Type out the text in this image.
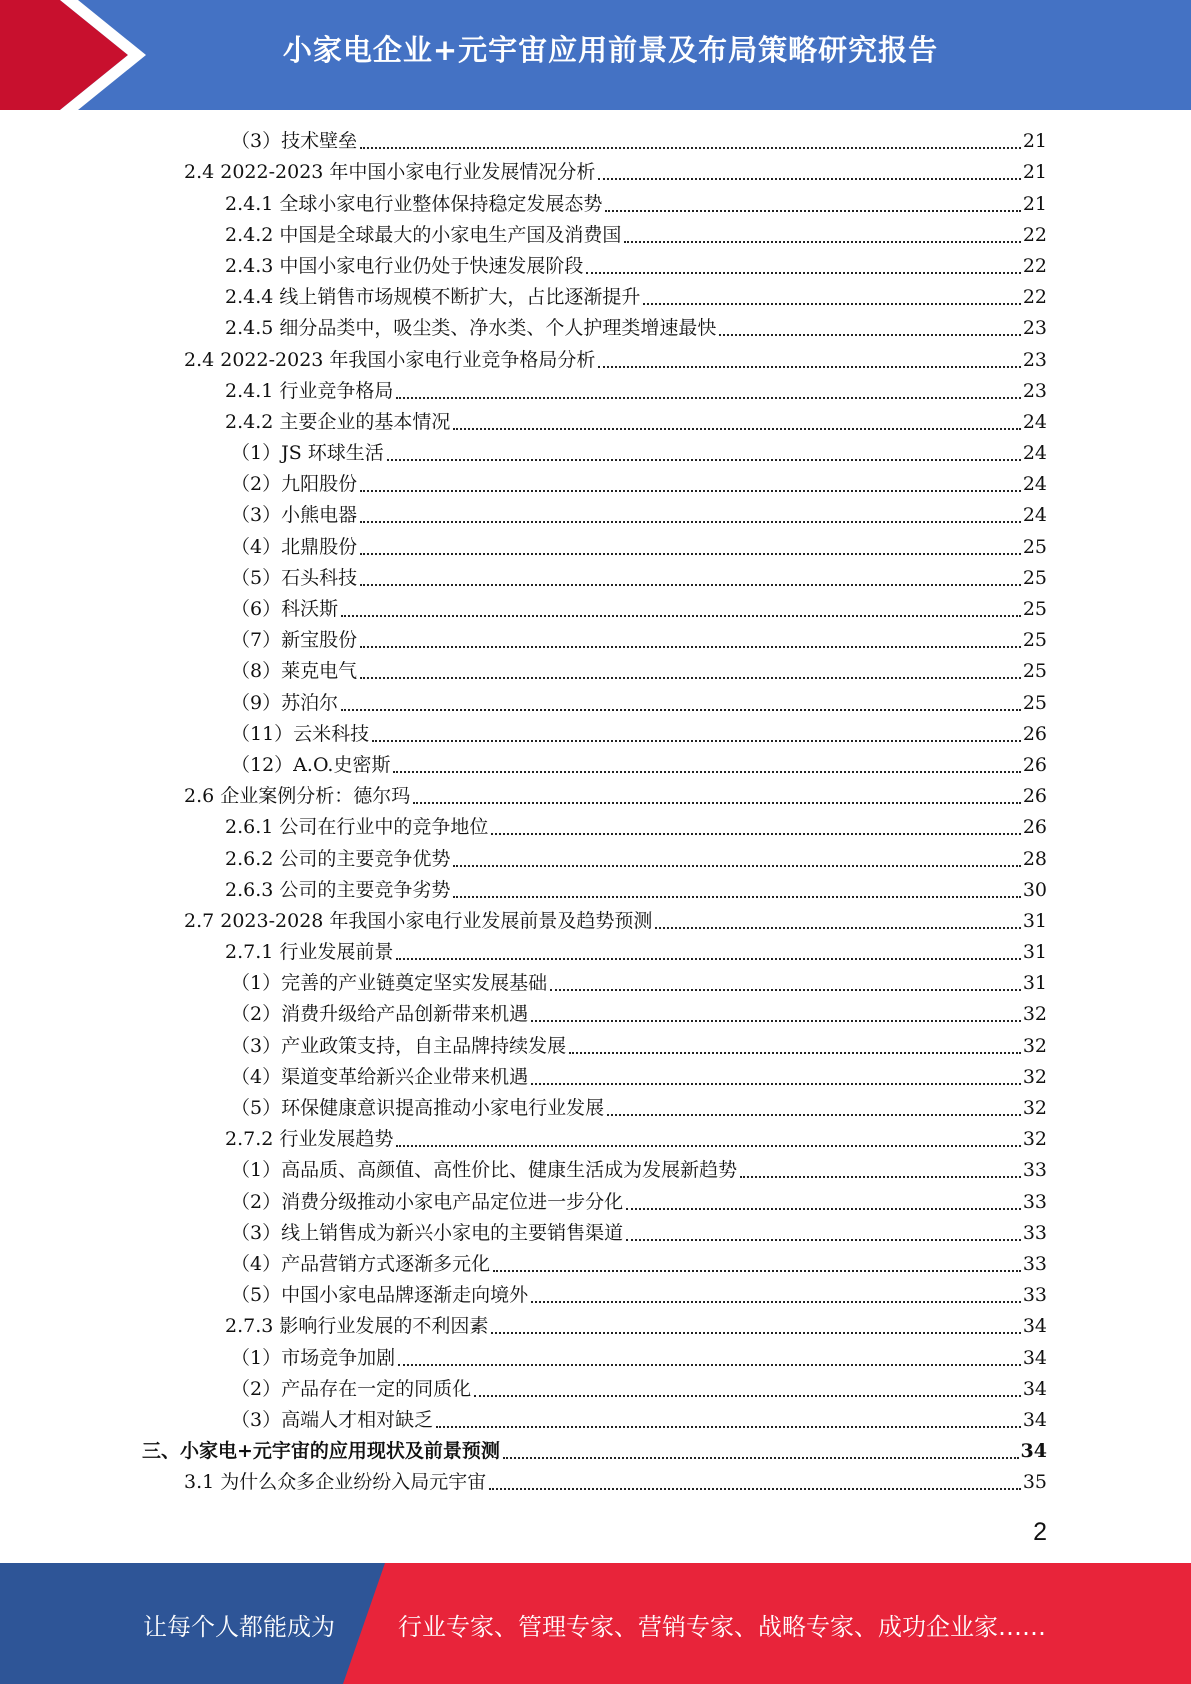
小家电企业+元宇宙应用前景及布局策略研究报告
（3）技术壁垒	21
2.4 2022-2023 年中国小家电行业发展情况分析	21
2.4.1 全球小家电行业整体保持稳定发展态势	21
2.4.2 中国是全球最大的小家电生产国及消费国	22
2.4.3 中国小家电行业仍处于快速发展阶段	22
2.4.4 线上销售市场规模不断扩大，占比逐渐提升	22
2.4.5 细分品类中，吸尘类、净水类、个人护理类增速最快	23
2.4 2022-2023 年我国小家电行业竞争格局分析	23
2.4.1 行业竞争格局	23
2.4.2 主要企业的基本情况	24
（1）JS 环球生活	24
（2）九阳股份	24
（3）小熊电器	24
（4）北鼎股份	25
（5）石头科技	25
（6）科沃斯	25
（7）新宝股份	25
（8）莱克电气	25
（9）苏泊尔	25
（11）云米科技	26
（12）A.O.史密斯	26
2.6 企业案例分析：德尔玛	26
2.6.1 公司在行业中的竞争地位	26
2.6.2 公司的主要竞争优势	28
2.6.3 公司的主要竞争劣势	30
2.7 2023-2028 年我国小家电行业发展前景及趋势预测	31
2.7.1 行业发展前景	31
（1）完善的产业链奠定坚实发展基础	31
（2）消费升级给产品创新带来机遇	32
（3）产业政策支持，自主品牌持续发展	32
（4）渠道变革给新兴企业带来机遇	32
（5）环保健康意识提高推动小家电行业发展	32
2.7.2 行业发展趋势	32
（1）高品质、高颜值、高性价比、健康生活成为发展新趋势	33
（2）消费分级推动小家电产品定位进一步分化	33
（3）线上销售成为新兴小家电的主要销售渠道	33
（4）产品营销方式逐渐多元化	33
（5）中国小家电品牌逐渐走向境外	33
2.7.3 影响行业发展的不利因素	34
（1）市场竞争加剧	34
（2）产品存在一定的同质化	34
（3）高端人才相对缺乏	34
三、小家电+元宇宙的应用现状及前景预测	34
3.1 为什么众多企业纷纷入局元宇宙	35
2
让每个人都能成为	行业专家、管理专家、营销专家、战略专家、成功企业家……
